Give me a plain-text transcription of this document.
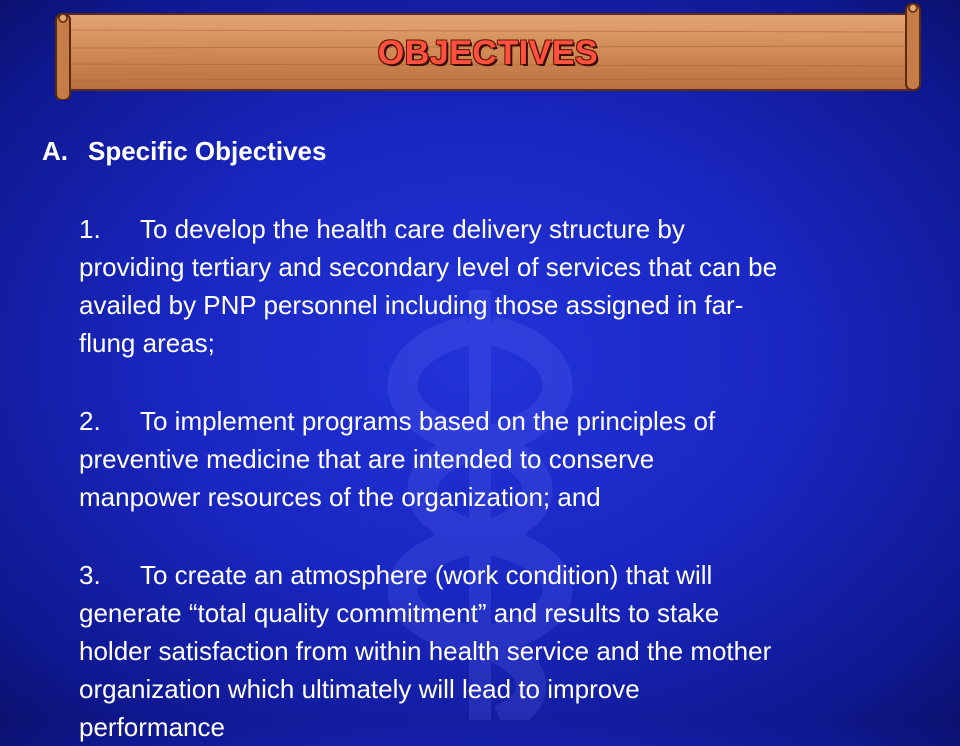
OBJECTIVES
A. Specific Objectives
1. To develop the health care delivery structure by
providing tertiary and secondary level of services that can be
availed by PNP personnel including those assigned in far-
flung areas;
2. To implement programs based on the principles of
preventive medicine that are intended to conserve
manpower resources of the organization; and
3. To create an atmosphere (work condition) that will
generate “total quality commitment” and results to stake
holder satisfaction from within health service and the mother
organization which ultimately will lead to improve
performance
